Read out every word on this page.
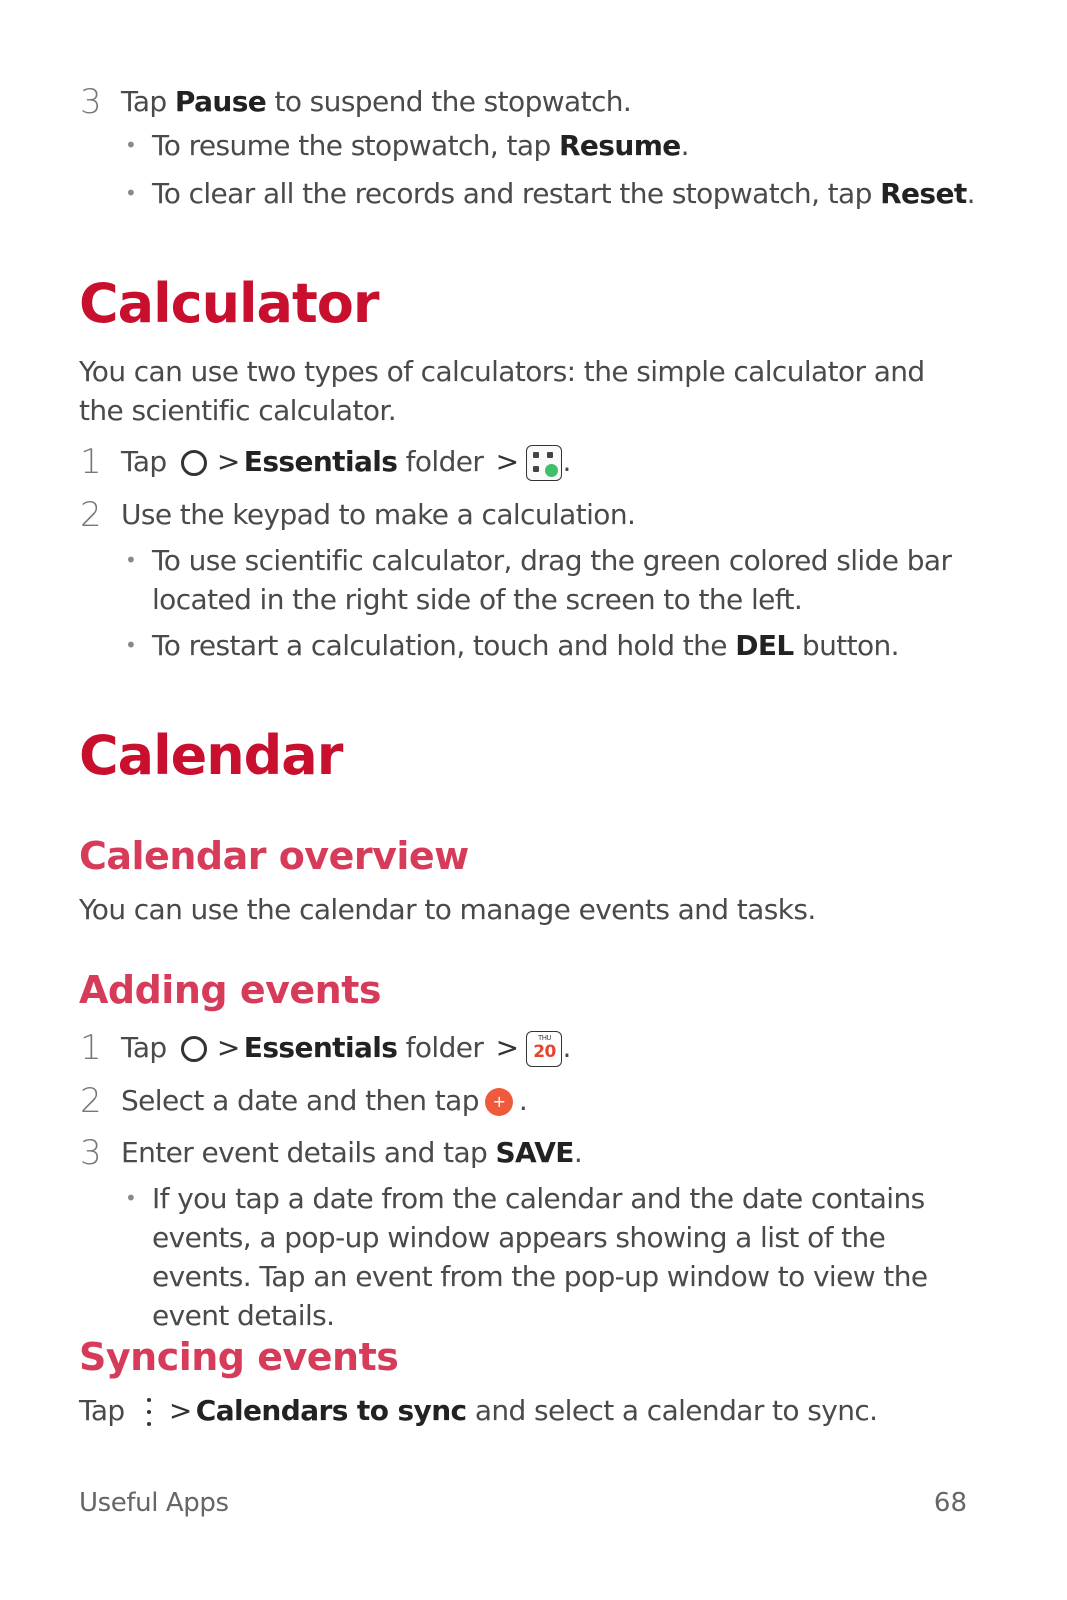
3 Tap Pause to suspend the stopwatch.
• To resume the stopwatch, tap Resume.
• To clear all the records and restart the stopwatch, tap Reset.
Calculator

You can use two types of calculators: the simple calculator and the scientific calculator.

1 Tap > Essentials folder > .
2 Use the keypad to make a calculation.
• To use scientific calculator, drag the green colored slide bar located in the right side of the screen to the left.
• To restart a calculation, touch and hold the DEL button.
Calendar
Calendar overview

You can use the calendar to manage events and tasks.

Adding events
1 Tap > Essentials folder >	THU
20 .
2 Select a date and then tap + .
3 Enter event details and tap SAVE.
• If you tap a date from the calendar and the date contains events, a pop-up window appears showing a list of the events. Tap an event from the pop-up window to view the event details.
Syncing events
Tap > Calendars to sync and select a calendar to sync.
Useful Apps	68
